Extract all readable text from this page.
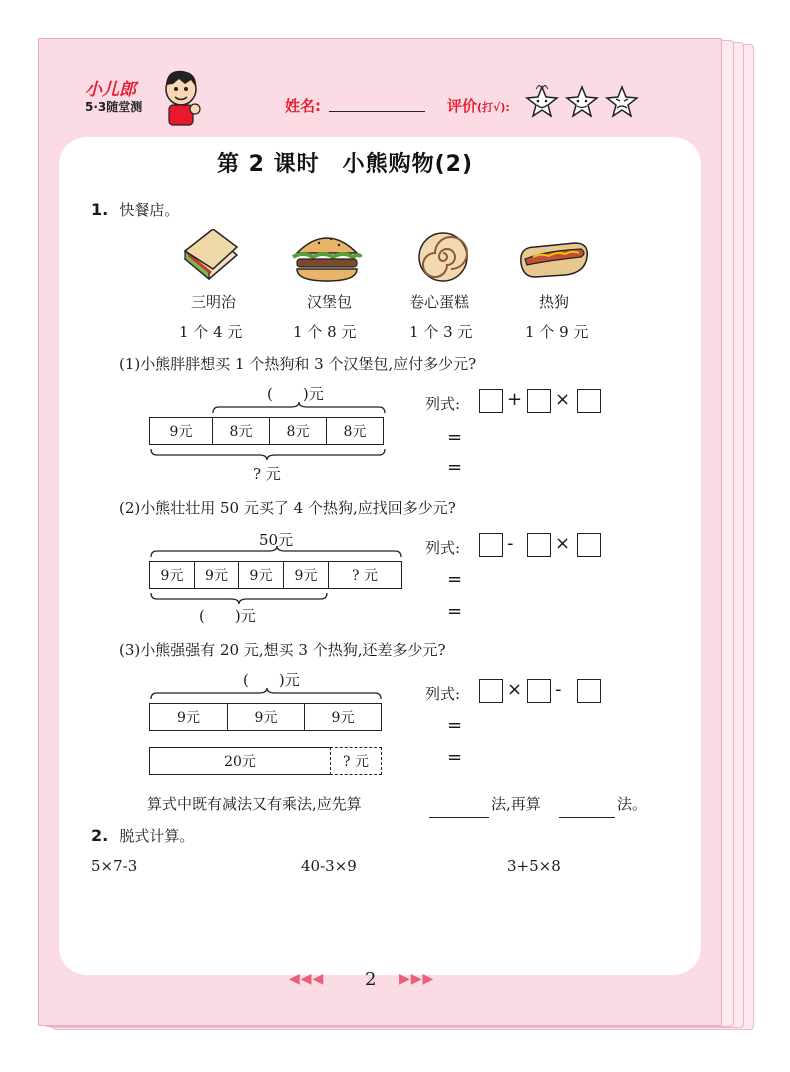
小儿郎
5·3随堂测	姓名:	评价(打√):
第 2 课时　小熊购物(2)
1. 快餐店。
三明治	汉堡包	卷心蛋糕	热狗
1 个 4 元	1 个 8 元	1 个 3 元	1 个 9 元
(1)小熊胖胖想买 1 个热狗和 3 个汉堡包,应付多少元?
(　　)元
9元	8元	8元	8元
? 元
列式:	+ ×
=
=
(2)小熊壮壮用 50 元买了 4 个热狗,应找回多少元?
50元
9元	9元	9元	9元	? 元
(　　)元
列式:	- ×
=
=
(3)小熊强强有 20 元,想买 3 个热狗,还差多少元?
(　　)元
9元	9元	9元
20元	? 元
列式:	× -
=
=
算式中既有减法又有乘法,应先算	法,再算	法。
2. 脱式计算。
5×7-3	40-3×9	3+5×8
◀◀◀ 2 ▶▶▶
